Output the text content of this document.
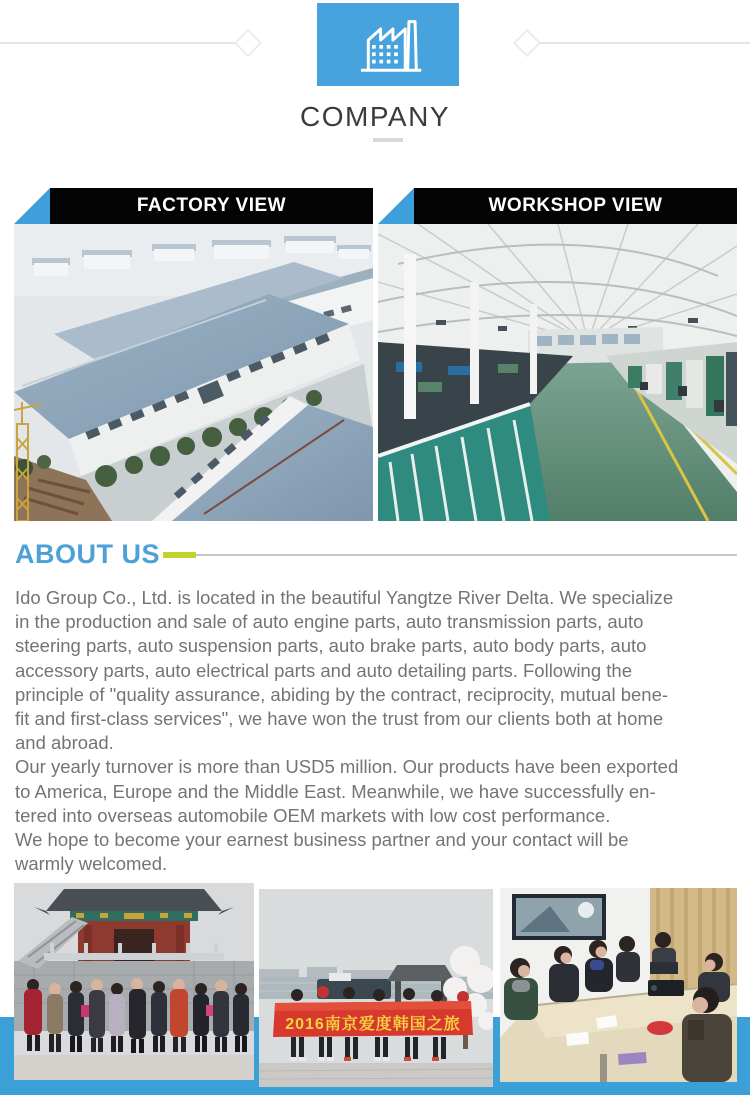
COMPANY
FACTORY VIEW	WORKSHOP VIEW
ABOUT US
Ido Group Co., Ltd. is located in the beautiful Yangtze River Delta. We specialize
in the production and sale of auto engine parts, auto transmission parts, auto
steering parts, auto suspension parts, auto brake parts, auto body parts, auto
accessory parts, auto electrical parts and auto detailing parts. Following the
principle of "quality assurance, abiding by the contract, reciprocity, mutual bene-
fit and first-class services", we have won the trust from our clients both at home
and abroad.
Our yearly turnover is more than USD5 million. Our products have been exported
to America, Europe and the Middle East. Meanwhile, we have successfully en-
tered into overseas automobile OEM markets with low cost performance.
We hope to become your earnest business partner and your contact will be
warmly welcomed.
2016南京爱度韩国之旅
